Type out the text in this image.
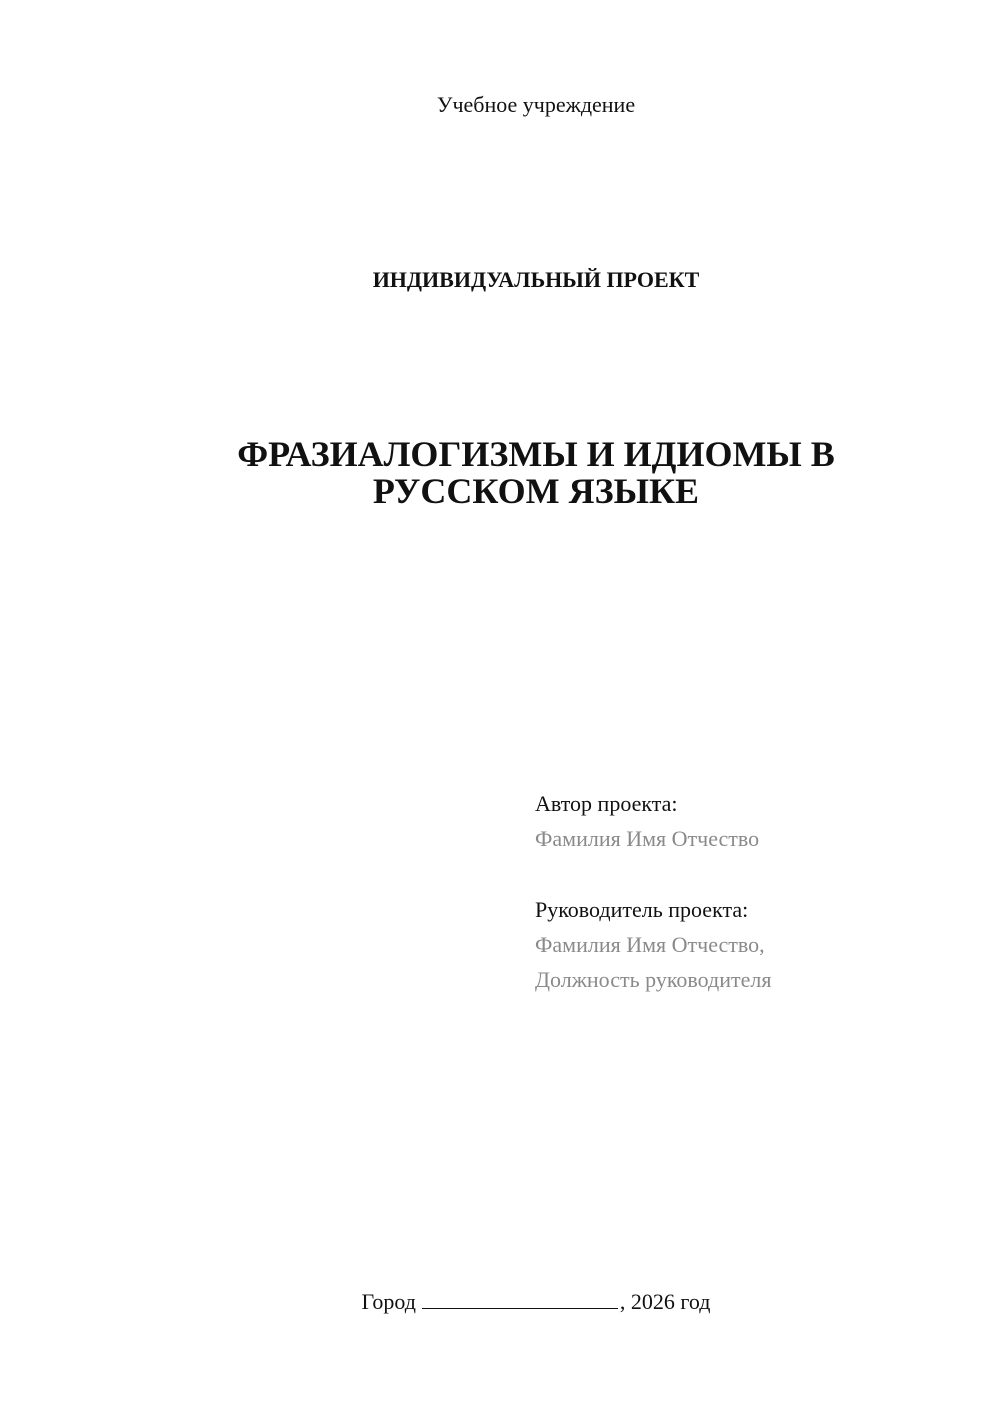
Учебное учреждение
ИНДИВИДУАЛЬНЫЙ ПРОЕКТ
ФРАЗИАЛОГИЗМЫ И ИДИОМЫ В
РУССКОМ ЯЗЫКЕ
Автор проекта:
Фамилия Имя Отчество
Руководитель проекта:
Фамилия Имя Отчество,
Должность руководителя
Город	, 2026 год
